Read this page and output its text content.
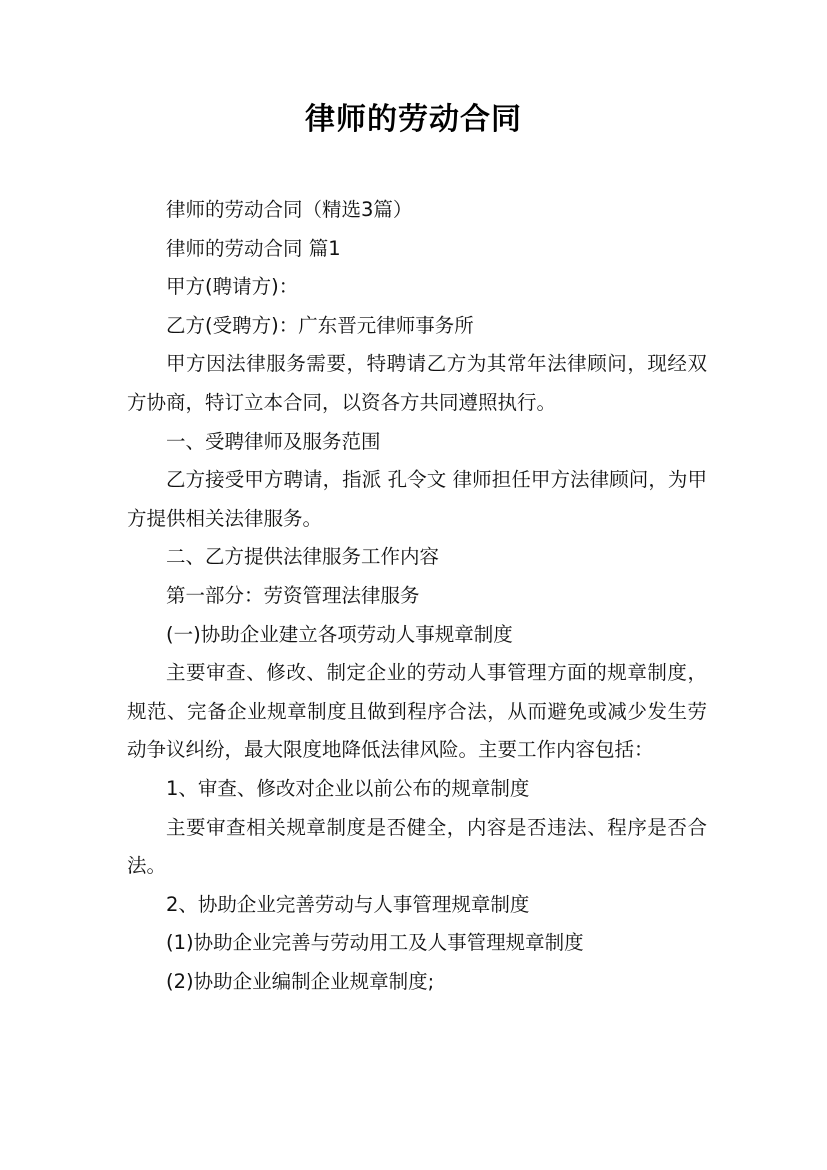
律师的劳动合同

律师的劳动合同（精选3篇）

律师的劳动合同 篇1

甲方(聘请方)：

乙方(受聘方)：广东晋元律师事务所

甲方因法律服务需要，特聘请乙方为其常年法律顾问，现经双方协商，特订立本合同，以资各方共同遵照执行。

一、受聘律师及服务范围

乙方接受甲方聘请，指派 孔令文 律师担任甲方法律顾问，为甲方提供相关法律服务。

二、乙方提供法律服务工作内容

第一部分：劳资管理法律服务

(一)协助企业建立各项劳动人事规章制度

主要审查、修改、制定企业的劳动人事管理方面的规章制度，规范、完备企业规章制度且做到程序合法，从而避免或减少发生劳动争议纠纷，最大限度地降低法律风险。主要工作内容包括：

1、审查、修改对企业以前公布的规章制度

主要审查相关规章制度是否健全，内容是否违法、程序是否合法。

2、协助企业完善劳动与人事管理规章制度

(1)协助企业完善与劳动用工及人事管理规章制度

(2)协助企业编制企业规章制度;
